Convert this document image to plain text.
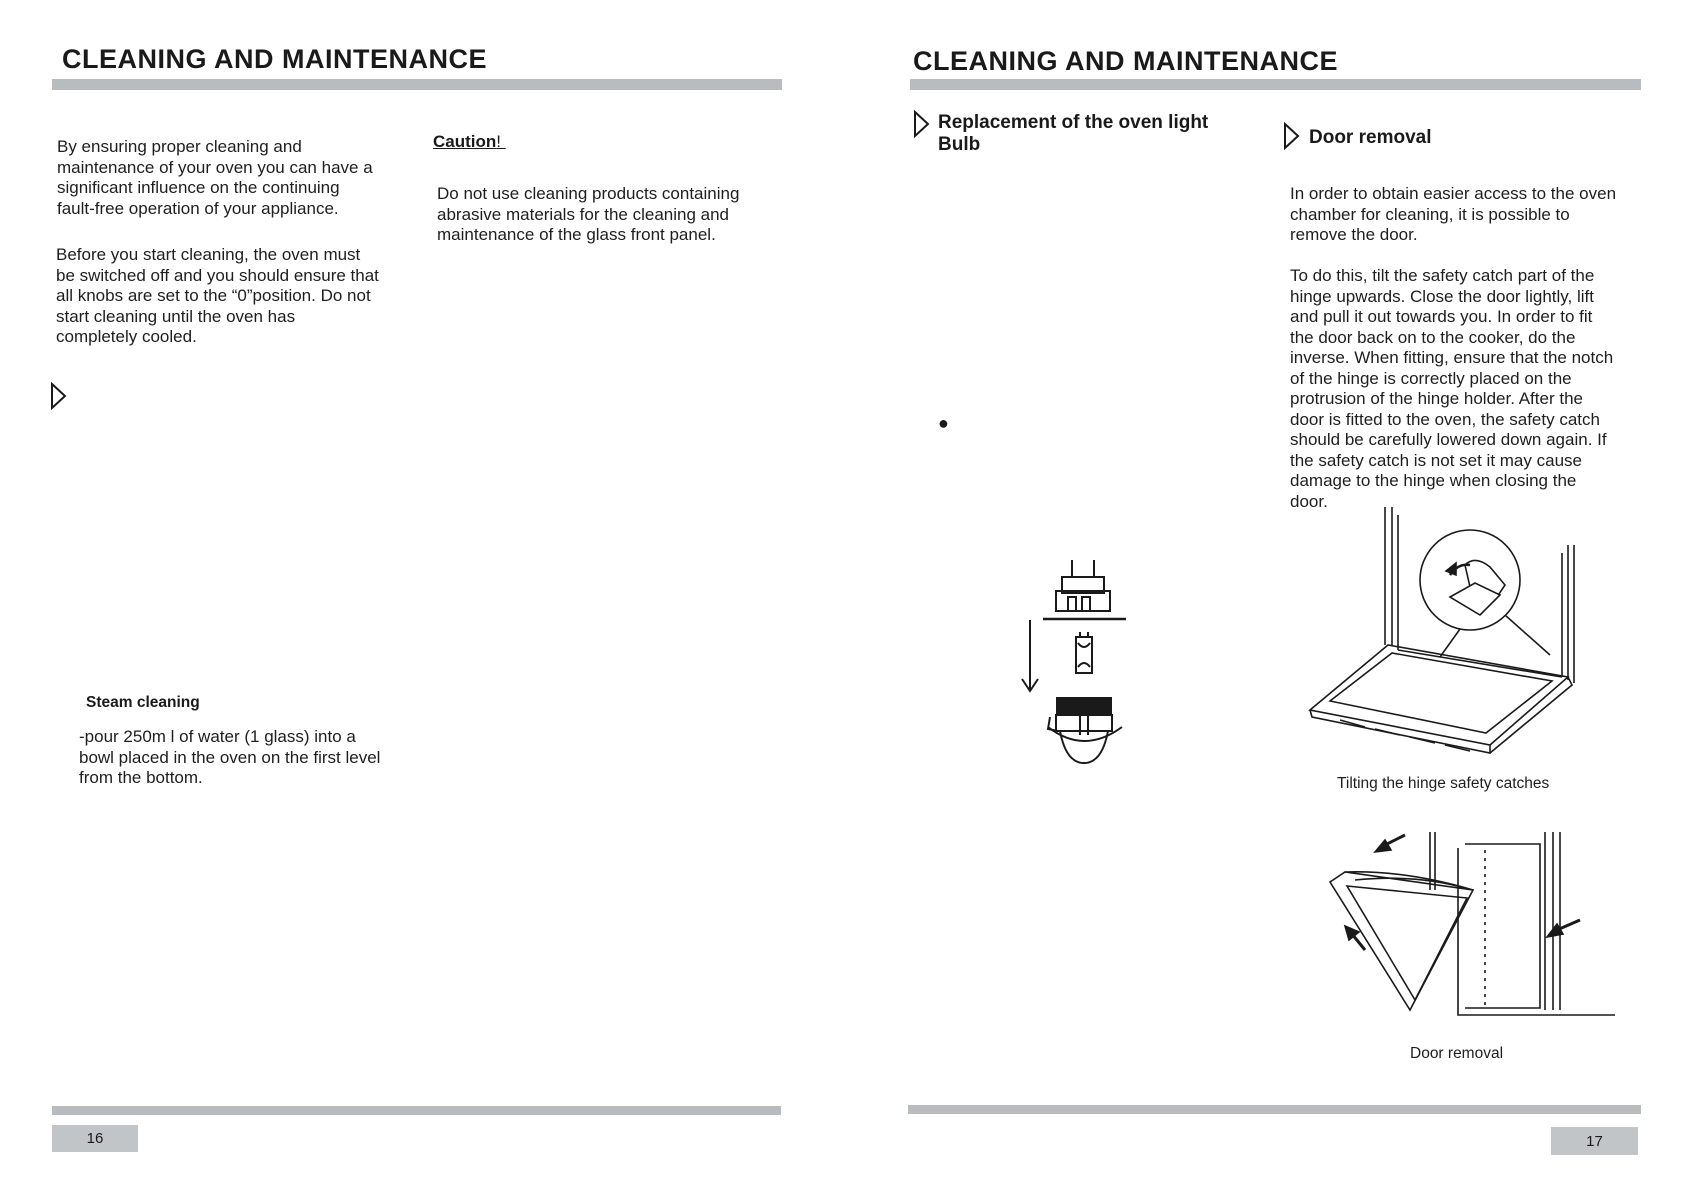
CLEANING AND MAINTENANCE

By ensuring proper cleaning and

maintenance of your oven you can have a

significant influence on the continuing

fault-free operation of your appliance.

Before you start cleaning, the oven must

be switched off and you should ensure that

all knobs are set to the “0”position. Do not

start cleaning until the oven has

completely cooled.

Caution!

Do not use cleaning products containing

abrasive materials for the cleaning and

maintenance of the glass front panel.

Steam cleaning

-pour 250m l of water (1 glass) into a

bowl placed in the oven on the first level

from the bottom.

16
CLEANING AND MAINTENANCE
Replacement of the oven light
Bulb
●
Door removal

In order to obtain easier access to the oven

chamber for cleaning, it is possible to

remove the door.

To do this, tilt the safety catch part of the

hinge upwards. Close the door lightly, lift

and pull it out towards you. In order to fit

the door back on to the cooker, do the

inverse. When fitting, ensure that the notch

of the hinge is correctly placed on the

protrusion of the hinge holder. After the

door is fitted to the oven, the safety catch

should be carefully lowered down again. If

the safety catch is not set it may cause

damage to the hinge when closing the

door.

Tilting the hinge safety catches
Door removal
17
